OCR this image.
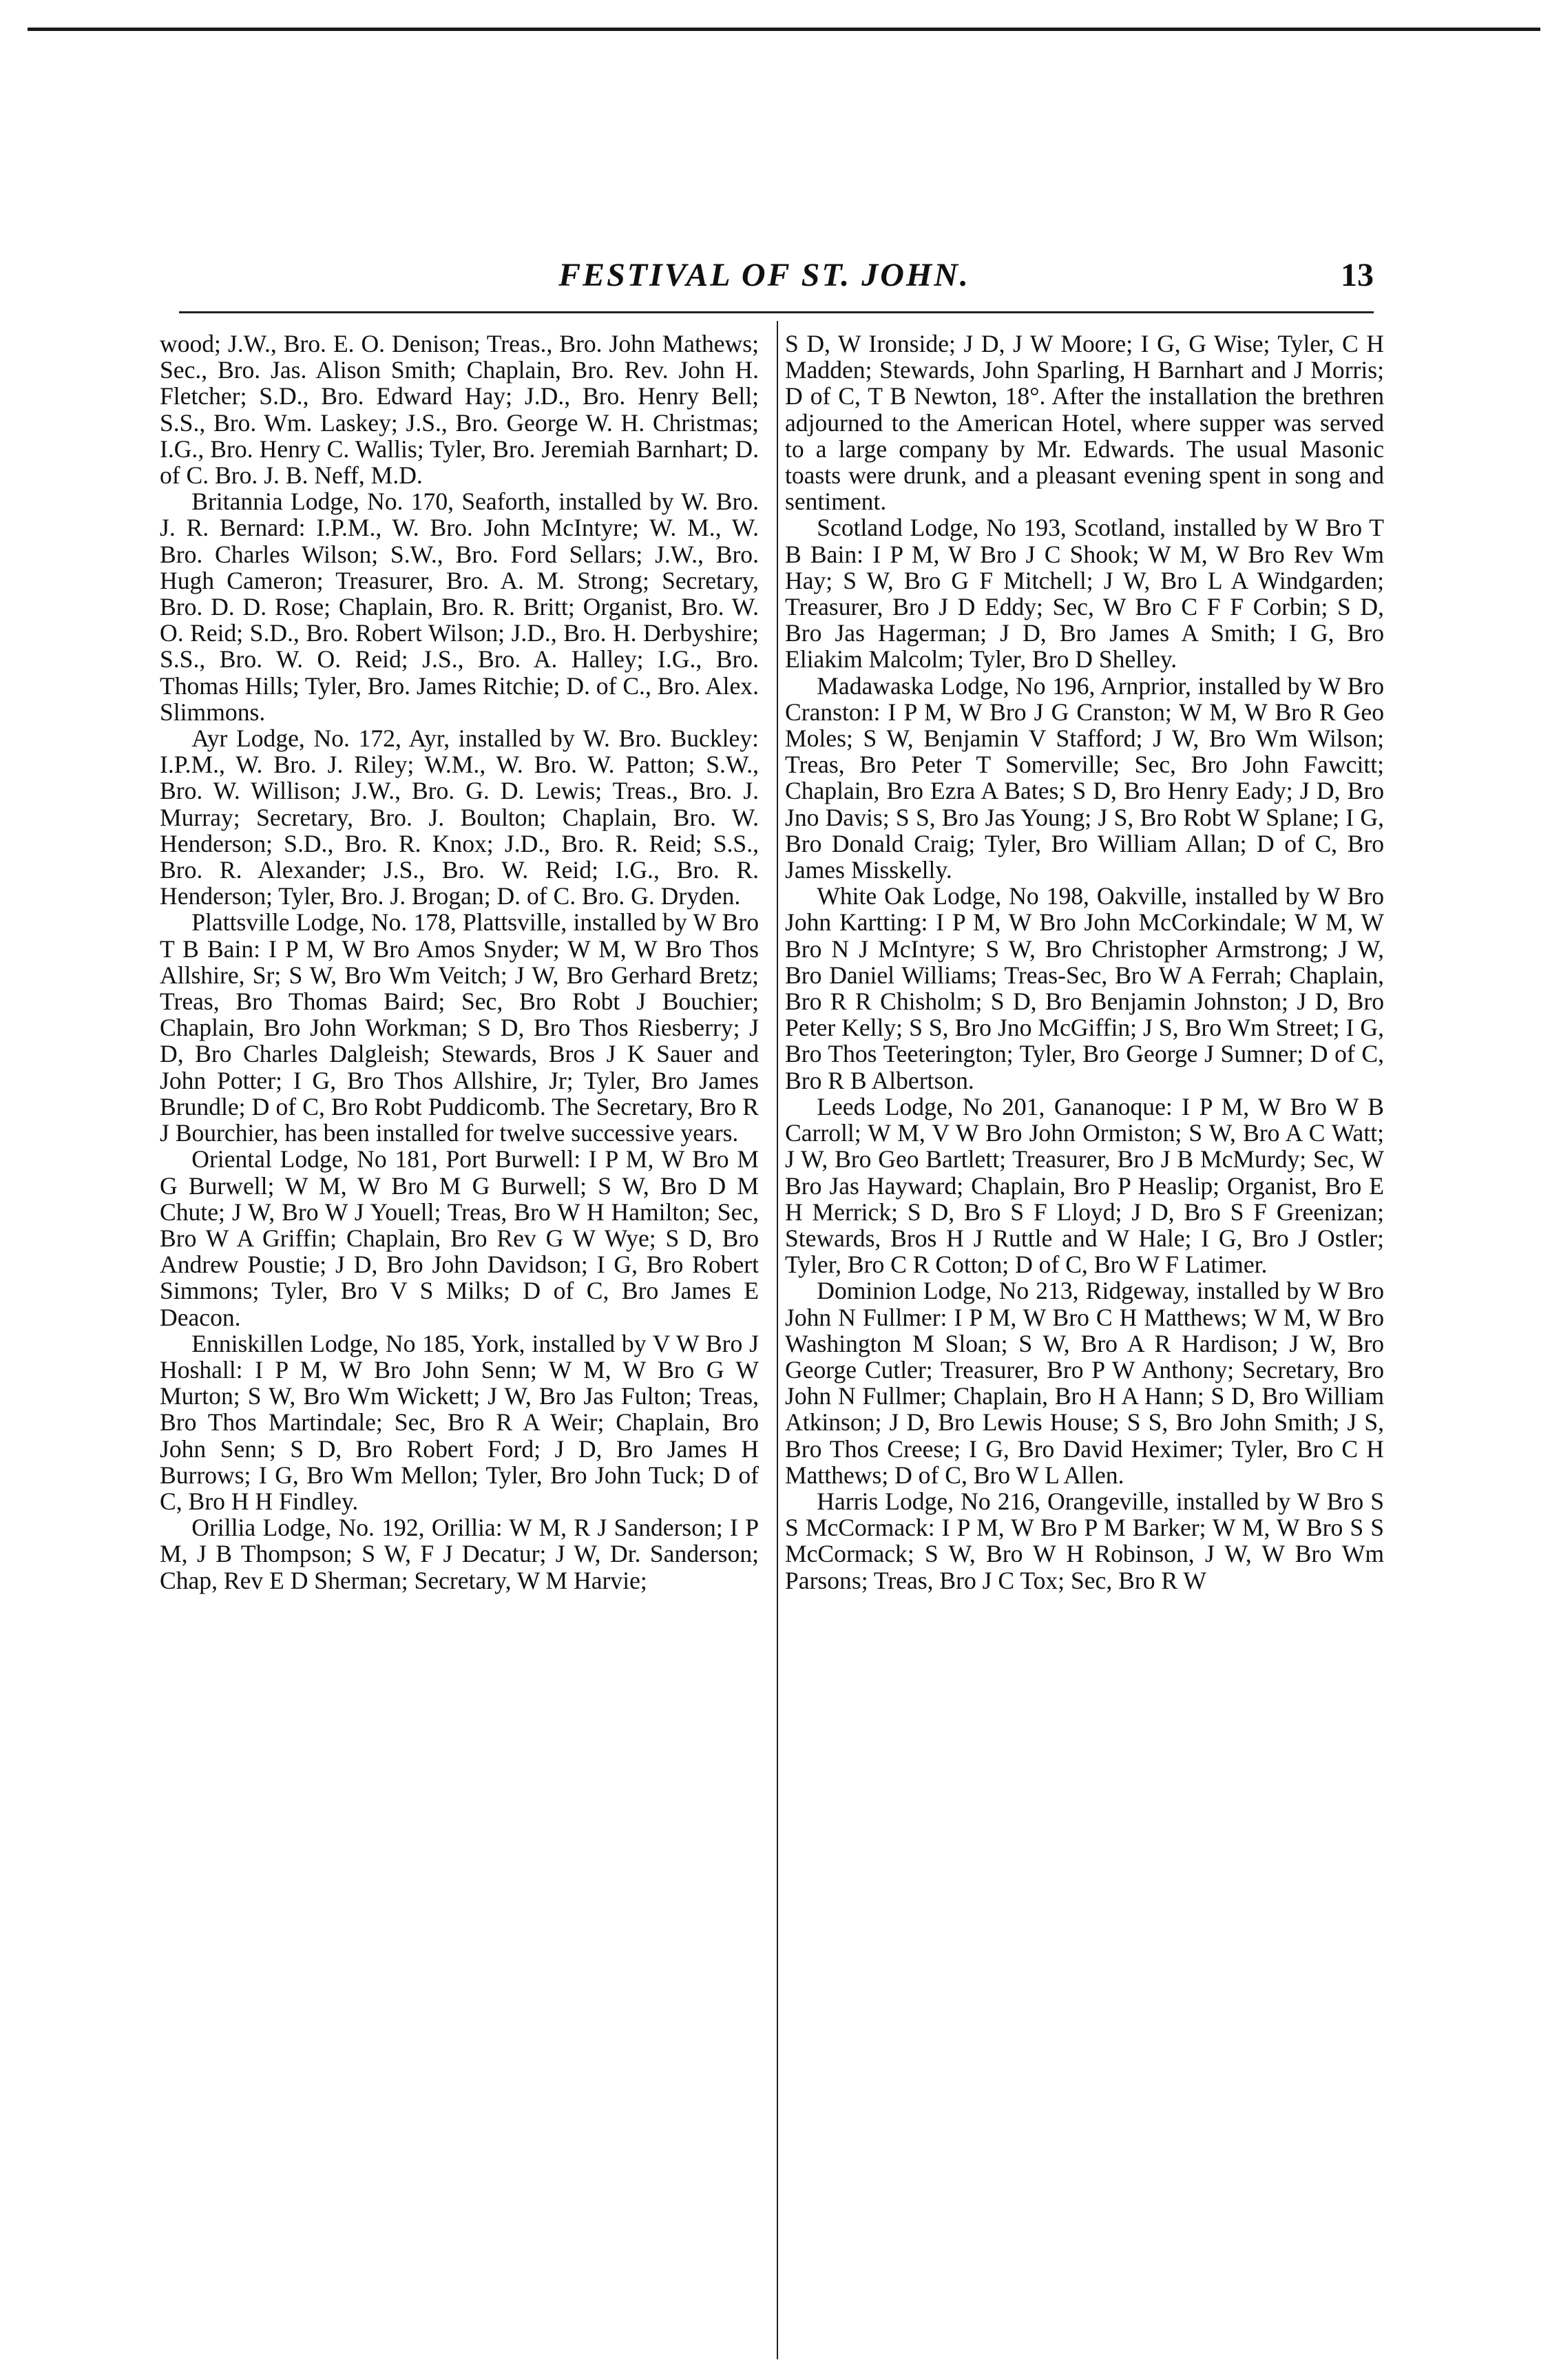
FESTIVAL OF ST. JOHN.	13

wood; J.W., Bro. E. O. Denison; Treas., Bro. John Mathews; Sec., Bro. Jas. Alison Smith; Chaplain, Bro. Rev. John H. Fletcher; S.D., Bro. Edward Hay; J.D., Bro. Henry Bell; S.S., Bro. Wm. Laskey; J.S., Bro. George W. H. Christmas; I.G., Bro. Henry C. Wallis; Tyler, Bro. Jeremiah Barnhart; D. of C. Bro. J. B. Neff, M.D.

Britannia Lodge, No. 170, Seaforth, installed by W. Bro. J. R. Bernard: I.P.M., W. Bro. John McIntyre; W. M., W. Bro. Charles Wilson; S.W., Bro. Ford Sellars; J.W., Bro. Hugh Cameron; Treasurer, Bro. A. M. Strong; Secretary, Bro. D. D. Rose; Chaplain, Bro. R. Britt; Organist, Bro. W. O. Reid; S.D., Bro. Robert Wilson; J.D., Bro. H. Derbyshire; S.S., Bro. W. O. Reid; J.S., Bro. A. Halley; I.G., Bro. Thomas Hills; Tyler, Bro. James Ritchie; D. of C., Bro. Alex. Slimmons.

Ayr Lodge, No. 172, Ayr, installed by W. Bro. Buckley: I.P.M., W. Bro. J. Riley; W.M., W. Bro. W. Patton; S.W., Bro. W. Willison; J.W., Bro. G. D. Lewis; Treas., Bro. J. Murray; Secretary, Bro. J. Boulton; Chaplain, Bro. W. Henderson; S.D., Bro. R. Knox; J.D., Bro. R. Reid; S.S., Bro. R. Alexander; J.S., Bro. W. Reid; I.G., Bro. R. Henderson; Tyler, Bro. J. Brogan; D. of C. Bro. G. Dryden.

Plattsville Lodge, No. 178, Plattsville, installed by W Bro T B Bain: I P M, W Bro Amos Snyder; W M, W Bro Thos Allshire, Sr; S W, Bro Wm Veitch; J W, Bro Gerhard Bretz; Treas, Bro Thomas Baird; Sec, Bro Robt J Bouchier; Chaplain, Bro John Workman; S D, Bro Thos Riesberry; J D, Bro Charles Dalgleish; Stewards, Bros J K Sauer and John Potter; I G, Bro Thos Allshire, Jr; Tyler, Bro James Brundle; D of C, Bro Robt Puddicomb. The Secretary, Bro R J Bourchier, has been installed for twelve successive years.

Oriental Lodge, No 181, Port Burwell: I P M, W Bro M G Burwell; W M, W Bro M G Burwell; S W, Bro D M Chute; J W, Bro W J Youell; Treas, Bro W H Hamilton; Sec, Bro W A Griffin; Chaplain, Bro Rev G W Wye; S D, Bro Andrew Poustie; J D, Bro John Davidson; I G, Bro Robert Simmons; Tyler, Bro V S Milks; D of C, Bro James E Deacon.

Enniskillen Lodge, No 185, York, installed by V W Bro J Hoshall: I P M, W Bro John Senn; W M, W Bro G W Murton; S W, Bro Wm Wickett; J W, Bro Jas Fulton; Treas, Bro Thos Martindale; Sec, Bro R A Weir; Chaplain, Bro John Senn; S D, Bro Robert Ford; J D, Bro James H Burrows; I G, Bro Wm Mellon; Tyler, Bro John Tuck; D of C, Bro H H Findley.

Orillia Lodge, No. 192, Orillia: W M, R J Sanderson; I P M, J B Thompson; S W, F J Decatur; J W, Dr. Sanderson; Chap, Rev E D Sherman; Secretary, W M Harvie;

S D, W Ironside; J D, J W Moore; I G, G Wise; Tyler, C H Madden; Stewards, John Sparling, H Barnhart and J Morris; D of C, T B Newton, 18°. After the installation the brethren adjourned to the American Hotel, where supper was served to a large company by Mr. Edwards. The usual Masonic toasts were drunk, and a pleasant evening spent in song and sentiment.

Scotland Lodge, No 193, Scotland, installed by W Bro T B Bain: I P M, W Bro J C Shook; W M, W Bro Rev Wm Hay; S W, Bro G F Mitchell; J W, Bro L A Windgarden; Treasurer, Bro J D Eddy; Sec, W Bro C F F Corbin; S D, Bro Jas Hagerman; J D, Bro James A Smith; I G, Bro Eliakim Malcolm; Tyler, Bro D Shelley.

Madawaska Lodge, No 196, Arnprior, installed by W Bro Cranston: I P M, W Bro J G Cranston; W M, W Bro R Geo Moles; S W, Benjamin V Stafford; J W, Bro Wm Wilson; Treas, Bro Peter T Somerville; Sec, Bro John Fawcitt; Chaplain, Bro Ezra A Bates; S D, Bro Henry Eady; J D, Bro Jno Davis; S S, Bro Jas Young; J S, Bro Robt W Splane; I G, Bro Donald Craig; Tyler, Bro William Allan; D of C, Bro James Misskelly.

White Oak Lodge, No 198, Oakville, installed by W Bro John Kartting: I P M, W Bro John McCorkindale; W M, W Bro N J McIntyre; S W, Bro Christopher Armstrong; J W, Bro Daniel Williams; Treas-Sec, Bro W A Ferrah; Chaplain, Bro R R Chisholm; S D, Bro Benjamin Johnston; J D, Bro Peter Kelly; S S, Bro Jno McGiffin; J S, Bro Wm Street; I G, Bro Thos Teeterington; Tyler, Bro George J Sumner; D of C, Bro R B Albertson.

Leeds Lodge, No 201, Gananoque: I P M, W Bro W B Carroll; W M, V W Bro John Ormiston; S W, Bro A C Watt; J W, Bro Geo Bartlett; Treasurer, Bro J B McMurdy; Sec, W Bro Jas Hayward; Chaplain, Bro P Heaslip; Organist, Bro E H Merrick; S D, Bro S F Lloyd; J D, Bro S F Greenizan; Stewards, Bros H J Ruttle and W Hale; I G, Bro J Ostler; Tyler, Bro C R Cotton; D of C, Bro W F Latimer.

Dominion Lodge, No 213, Ridgeway, installed by W Bro John N Fullmer: I P M, W Bro C H Matthews; W M, W Bro Washington M Sloan; S W, Bro A R Hardison; J W, Bro George Cutler; Treasurer, Bro P W Anthony; Secretary, Bro John N Fullmer; Chaplain, Bro H A Hann; S D, Bro William Atkinson; J D, Bro Lewis House; S S, Bro John Smith; J S, Bro Thos Creese; I G, Bro David Heximer; Tyler, Bro C H Matthews; D of C, Bro W L Allen.

Harris Lodge, No 216, Orangeville, installed by W Bro S S McCormack: I P M, W Bro P M Barker; W M, W Bro S S McCormack; S W, Bro W H Robinson, J W, W Bro Wm Parsons; Treas, Bro J C Tox; Sec, Bro R W
